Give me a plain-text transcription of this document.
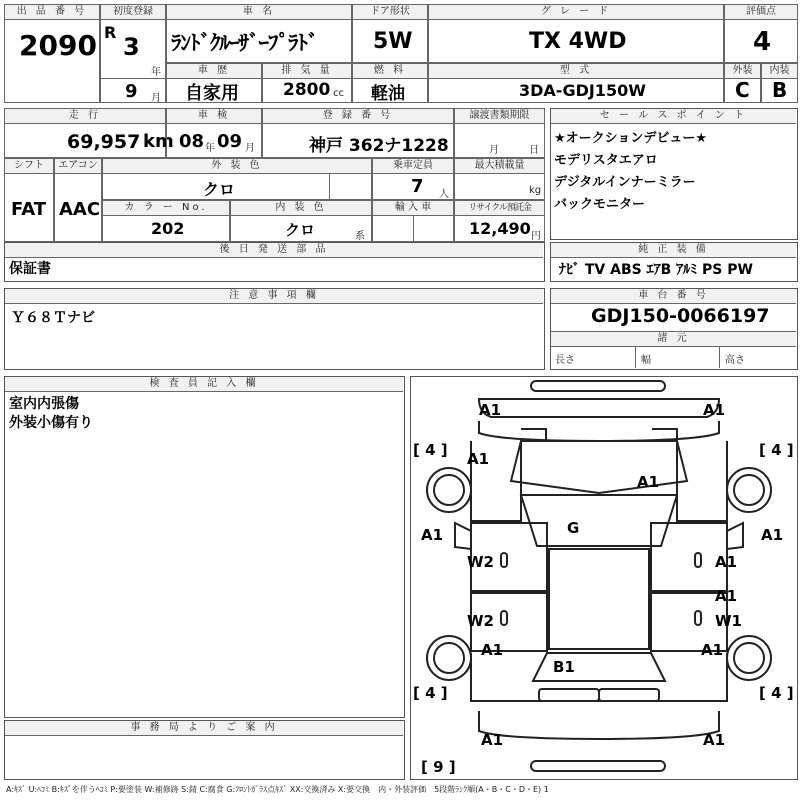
出 品 番 号
2090
初度登録
R
3
年
9 月
車 名
ﾗﾝﾄﾞｸﾙｰｻﾞｰﾌﾟﾗﾄﾞ
ドア形状
5W
グ レ ー ド
TX 4WD
評価点
4
車 歴
自家用
排 気 量
2800 cc
燃 料
軽油
型 式
3DA-GDJ150W
外装
C
内装
B
走 行
69,957 km
車 検
08 年 09 月
登 録 番 号
神戸 362ナ1228
譲渡書類期限
月	日
シフト
FAT
エアコン
AAC
外 装 色
クロ
乗車定員
7 人
最大積載量
kg
カ ラ ー No.
202
内 装 色
クロ	系
輸 入 車	リサイクル預託金
12,490 円
セ ー ル ス ポ イ ン ト
★オークションデビュー★
モデリスタエアロ
デジタルインナーミラー
バックモニター
後 日 発 送 部 品
保証書
純 正 装 備
ﾅﾋﾞ TV ABS ｴｱB ｱﾙﾐ PS PW
注 意 事 項 欄
Ｙ６８Ｔナビ
車 台 番 号
GDJ150-0066197
諸 元
長さ	幅	高さ
検 査 員 記 入 欄
室内内張傷
外装小傷有り
事 務 局 よ り ご 案 内
[ 4 ]	[ 4 ]
[ 4 ]	[ 4 ]
[ 9 ]
A1	A1
A1
A1
A1	A1
G
W2	A1
A1
W1
W2
A1	A1
B1
A1	A1
A:ｷｽﾞ U:ﾍｺﾐ B:ｷｽﾞを伴うﾍｺﾐ P:要塗装 W:補修跡 S:錆 C:腐食 G:ﾌﾛﾝﾄｶﾞﾗｽ点ｷｽﾞ XX:交換済み X:要交換　内・外装評価　5段階ﾗﾝｸ順(A・B・C・D・E) 1
